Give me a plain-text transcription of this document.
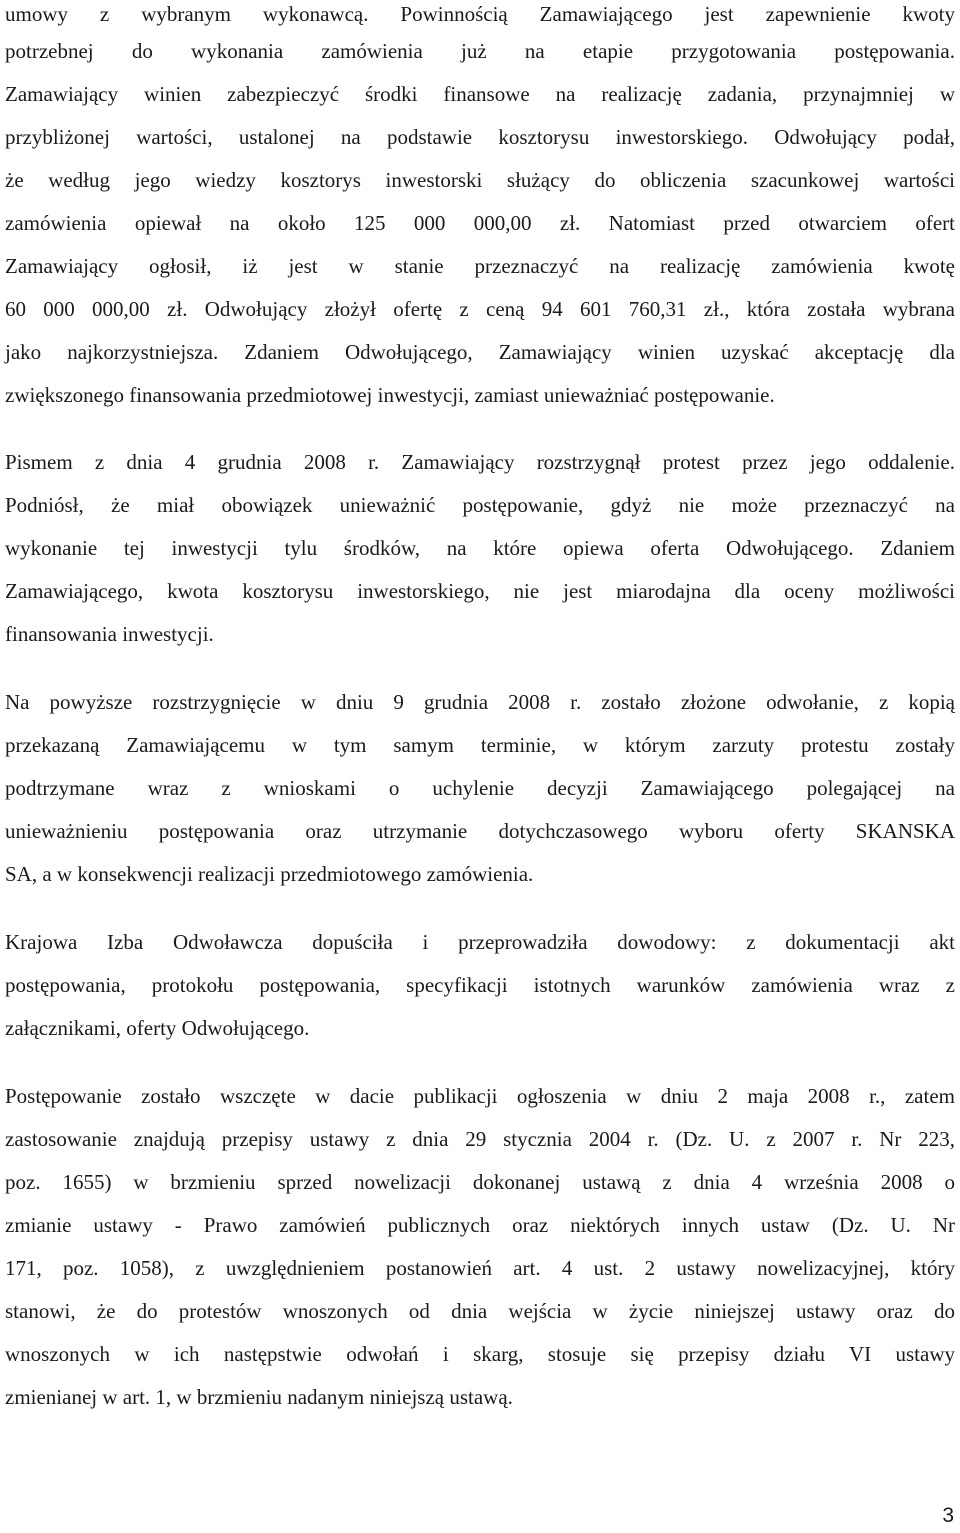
umowy z wybranym wykonawcą. Powinnością Zamawiającego jest zapewnienie kwoty
potrzebnej do wykonania zamówienia już na etapie przygotowania postępowania.
Zamawiający winien zabezpieczyć środki finansowe na realizację zadania, przynajmniej w
przybliżonej wartości, ustalonej na podstawie kosztorysu inwestorskiego. Odwołujący podał,
że według jego wiedzy kosztorys inwestorski służący do obliczenia szacunkowej wartości
zamówienia opiewał na około 125 000 000,00 zł. Natomiast przed otwarciem ofert
Zamawiający ogłosił, iż jest w stanie przeznaczyć na realizację zamówienia kwotę
60 000 000,00 zł. Odwołujący złożył ofertę z ceną 94 601 760,31 zł., która została wybrana
jako najkorzystniejsza. Zdaniem Odwołującego, Zamawiający winien uzyskać akceptację dla
zwiększonego finansowania przedmiotowej inwestycji, zamiast unieważniać postępowanie.
Pismem z dnia 4 grudnia 2008 r. Zamawiający rozstrzygnął protest przez jego oddalenie.
Podniósł, że miał obowiązek unieważnić postępowanie, gdyż nie może przeznaczyć na
wykonanie tej inwestycji tylu środków, na które opiewa oferta Odwołującego. Zdaniem
Zamawiającego, kwota kosztorysu inwestorskiego, nie jest miarodajna dla oceny możliwości
finansowania inwestycji.
Na powyższe rozstrzygnięcie w dniu 9 grudnia 2008 r. zostało złożone odwołanie, z kopią
przekazaną Zamawiającemu w tym samym terminie, w którym zarzuty protestu zostały
podtrzymane wraz z wnioskami o uchylenie decyzji Zamawiającego polegającej na
unieważnieniu postępowania oraz utrzymanie dotychczasowego wyboru oferty SKANSKA
SA, a w konsekwencji realizacji przedmiotowego zamówienia.
Krajowa Izba Odwoławcza dopuściła i przeprowadziła dowodowy: z dokumentacji akt
postępowania, protokołu postępowania, specyfikacji istotnych warunków zamówienia wraz z
załącznikami, oferty Odwołującego.
Postępowanie zostało wszczęte w dacie publikacji ogłoszenia w dniu 2 maja 2008 r., zatem
zastosowanie znajdują przepisy ustawy z dnia 29 stycznia 2004 r. (Dz. U. z 2007 r. Nr 223,
poz. 1655) w brzmieniu sprzed nowelizacji dokonanej ustawą z dnia 4 września 2008 o
zmianie ustawy - Prawo zamówień publicznych oraz niektórych innych ustaw (Dz. U. Nr
171, poz. 1058), z uwzględnieniem postanowień art. 4 ust. 2 ustawy nowelizacyjnej, który
stanowi, że do protestów wnoszonych od dnia wejścia w życie niniejszej ustawy oraz do
wnoszonych w ich następstwie odwołań i skarg, stosuje się przepisy działu VI ustawy
zmienianej w art. 1, w brzmieniu nadanym niniejszą ustawą.
3
